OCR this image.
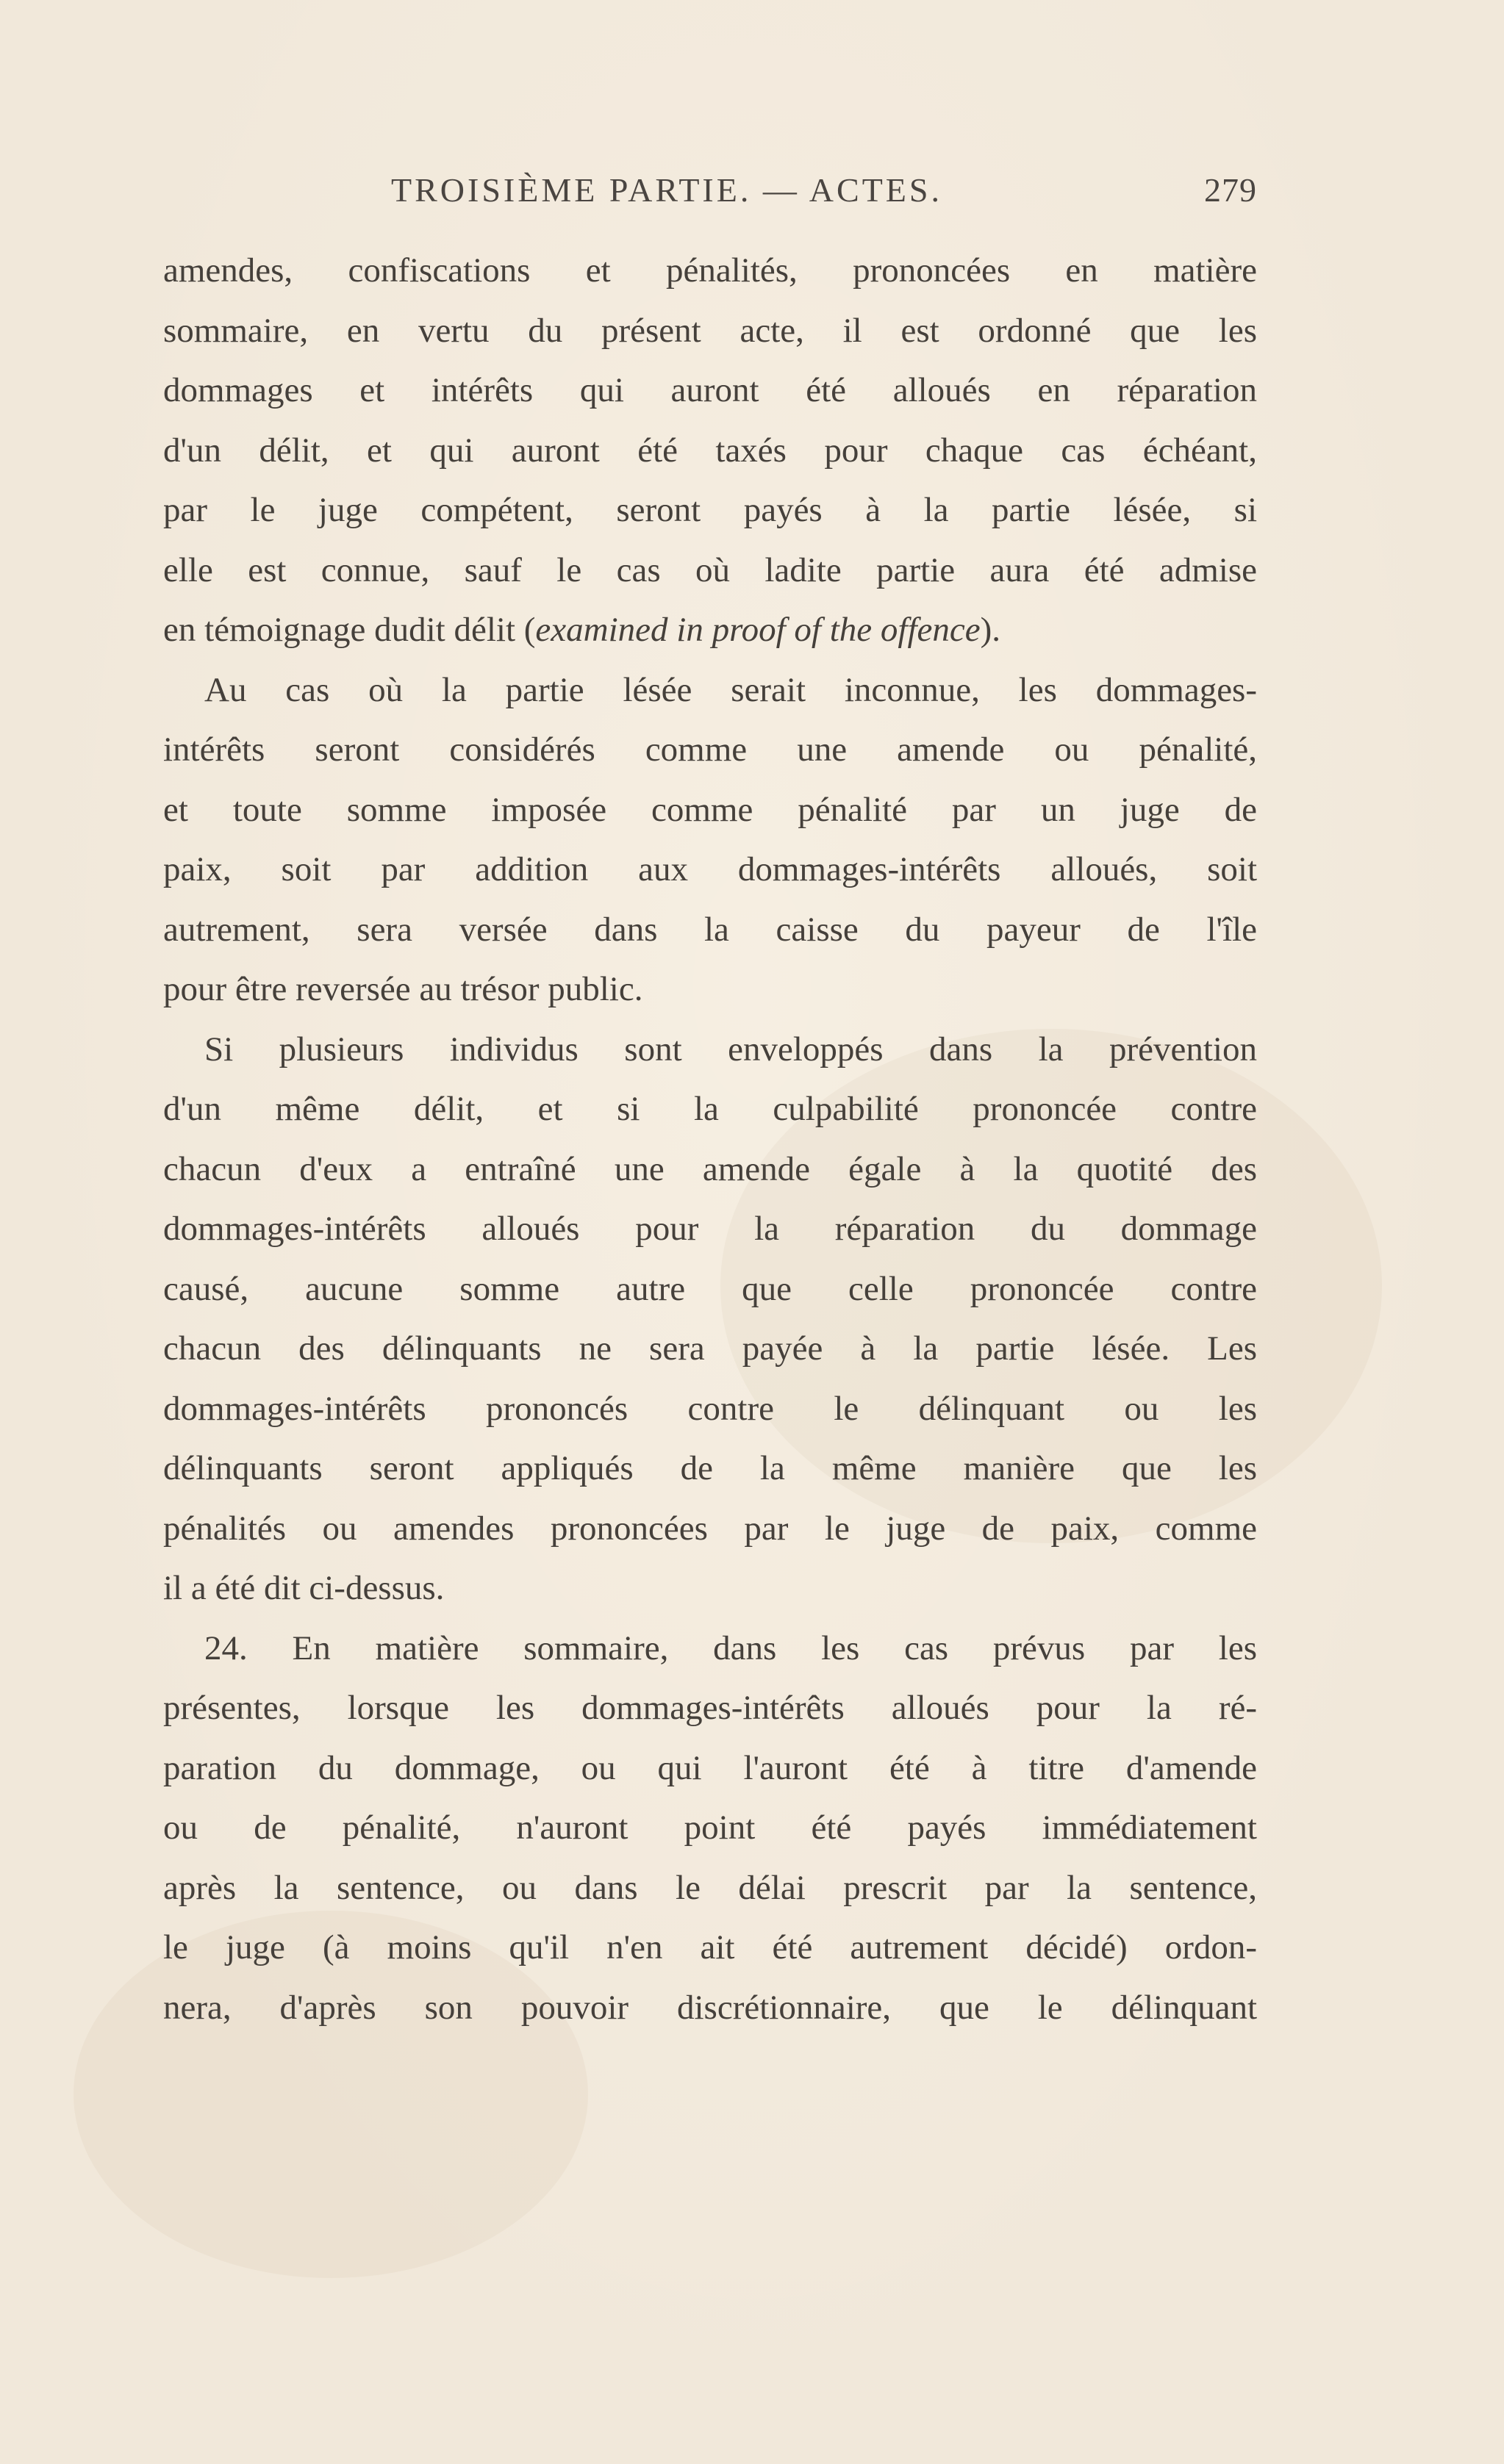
TROISIÈME PARTIE. — ACTES.	279
amendes, confiscations et pénalités, prononcées en matière
sommaire, en vertu du présent acte, il est ordonné que les
dommages et intérêts qui auront été alloués en réparation
d'un délit, et qui auront été taxés pour chaque cas échéant,
par le juge compétent, seront payés à la partie lésée, si
elle est connue, sauf le cas où ladite partie aura été admise
en témoignage dudit délit (examined in proof of the offence).
Au cas où la partie lésée serait inconnue, les dommages-
intérêts seront considérés comme une amende ou pénalité,
et toute somme imposée comme pénalité par un juge de
paix, soit par addition aux dommages-intérêts alloués, soit
autrement, sera versée dans la caisse du payeur de l'île
pour être reversée au trésor public.
Si plusieurs individus sont enveloppés dans la prévention
d'un même délit, et si la culpabilité prononcée contre
chacun d'eux a entraîné une amende égale à la quotité des
dommages-intérêts alloués pour la réparation du dommage
causé, aucune somme autre que celle prononcée contre
chacun des délinquants ne sera payée à la partie lésée. Les
dommages-intérêts prononcés contre le délinquant ou les
délinquants seront appliqués de la même manière que les
pénalités ou amendes prononcées par le juge de paix, comme
il a été dit ci-dessus.
24. En matière sommaire, dans les cas prévus par les
présentes, lorsque les dommages-intérêts alloués pour la ré-
paration du dommage, ou qui l'auront été à titre d'amende
ou de pénalité, n'auront point été payés immédiatement
après la sentence, ou dans le délai prescrit par la sentence,
le juge (à moins qu'il n'en ait été autrement décidé) ordon-
nera, d'après son pouvoir discrétionnaire, que le délinquant
